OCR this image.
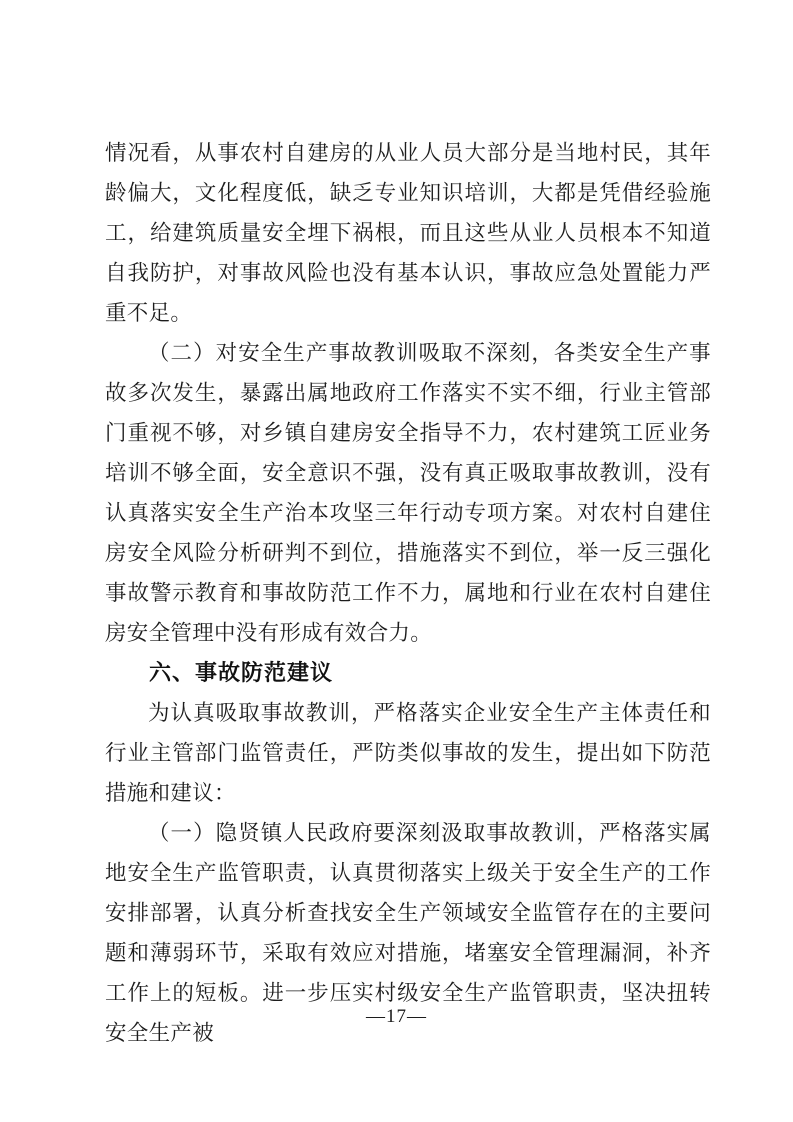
情况看，从事农村自建房的从业人员大部分是当地村民，其年龄偏大，文化程度低，缺乏专业知识培训，大都是凭借经验施工，给建筑质量安全埋下祸根，而且这些从业人员根本不知道自我防护，对事故风险也没有基本认识，事故应急处置能力严重不足。

（二）对安全生产事故教训吸取不深刻，各类安全生产事故多次发生，暴露出属地政府工作落实不实不细，行业主管部门重视不够，对乡镇自建房安全指导不力，农村建筑工匠业务培训不够全面，安全意识不强，没有真正吸取事故教训，没有认真落实安全生产治本攻坚三年行动专项方案。对农村自建住房安全风险分析研判不到位，措施落实不到位，举一反三强化事故警示教育和事故防范工作不力，属地和行业在农村自建住房安全管理中没有形成有效合力。

六、事故防范建议

为认真吸取事故教训，严格落实企业安全生产主体责任和行业主管部门监管责任，严防类似事故的发生，提出如下防范措施和建议：

（一）隐贤镇人民政府要深刻汲取事故教训，严格落实属地安全生产监管职责，认真贯彻落实上级关于安全生产的工作安排部署，认真分析查找安全生产领域安全监管存在的主要问题和薄弱环节，采取有效应对措施，堵塞安全管理漏洞，补齐工作上的短板。进一步压实村级安全生产监管职责，坚决扭转安全生产被

—17—
